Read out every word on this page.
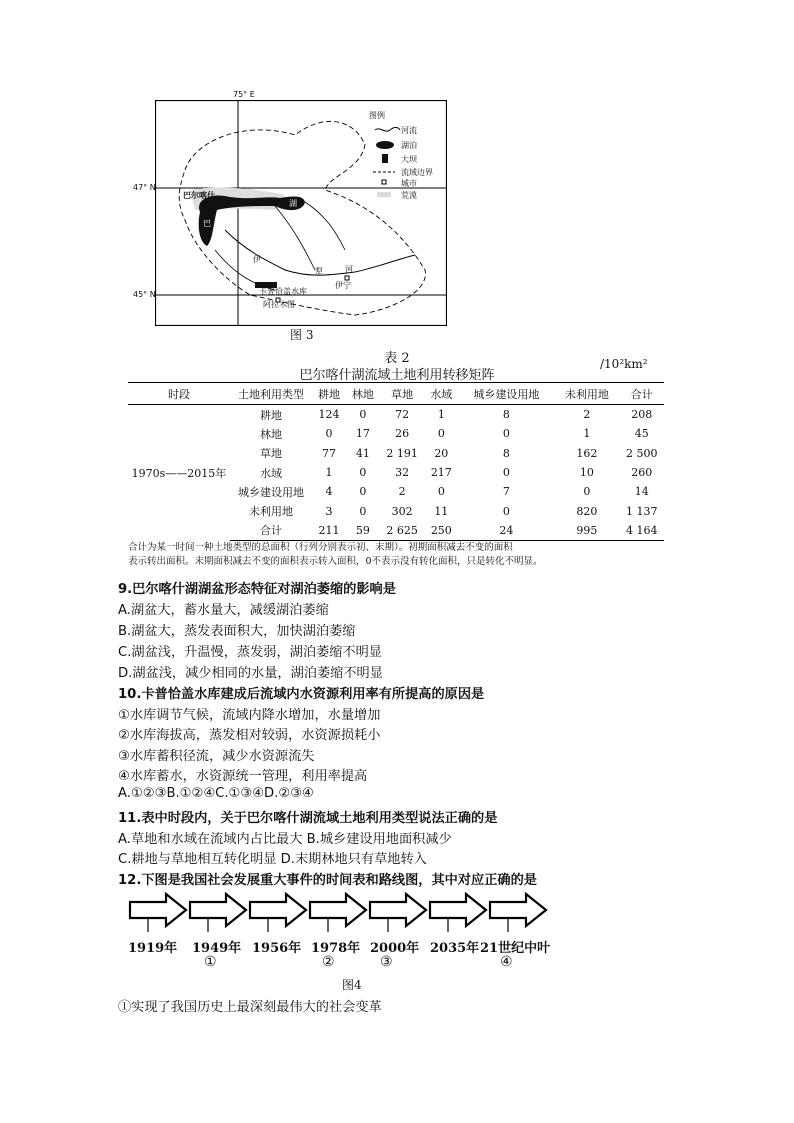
75° E
47° N
45° N
图例
河流
湖泊
大坝
流域边界
城市
荒漠
巴尔喀什
湖
巴
伊
犁	河
伊宁
卡普恰盖水库
阿拉木图
图 3
表 2
巴尔喀什湖流域土地利用转移矩阵
/10²km²
时段	土地利用类型	耕地	林地	草地	水域	城乡建设用地	未利用地	合计
1970s——2015年	耕地	124	0	72	1	8	2	208
	林地	0	17	26	0	0	1	45
	草地	77	41	2 191	20	8	162	2 500
	水域	1	0	32	217	0	10	260
	城乡建设用地	4	0	2	0	7	0	14
	未利用地	3	0	302	11	0	820	1 137
	合计	211	59	2 625	250	24	995	4 164
合计为某一时间一种土地类型的总面积（行列分别表示初、末期）。初期面积减去不变的面积
表示转出面积。末期面积减去不变的面积表示转入面积，0不表示没有转化面积，只是转化不明显。
9.巴尔喀什湖湖盆形态特征对湖泊萎缩的影响是
A.湖盆大，蓄水量大，减缓湖泊萎缩
B.湖盆大，蒸发表面积大，加快湖泊萎缩
C.湖盆浅，升温慢，蒸发弱，湖泊萎缩不明显
D.湖盆浅，减少相同的水量，湖泊萎缩不明显
10.卡普恰盖水库建成后流域内水资源利用率有所提高的原因是
①水库调节气候，流域内降水增加，水量增加
②水库海拔高，蒸发相对较弱，水资源损耗小
③水库蓄积径流，减少水资源流失
④水库蓄水，水资源统一管理，利用率提高
A.①②③B.①②④C.①③④D.②③④
11.表中时段内，关于巴尔喀什湖流域土地利用类型说法正确的是
A.草地和水域在流域内占比最大 B.城乡建设用地面积减少
C.耕地与草地相互转化明显 D.末期林地只有草地转入
12.下图是我国社会发展重大事件的时间表和路线图，其中对应正确的是
1919年 1949年 1956年 1978年 2000年 2035年 21世纪中叶
①	②	③	④
图4
①实现了我国历史上最深刻最伟大的社会变革
